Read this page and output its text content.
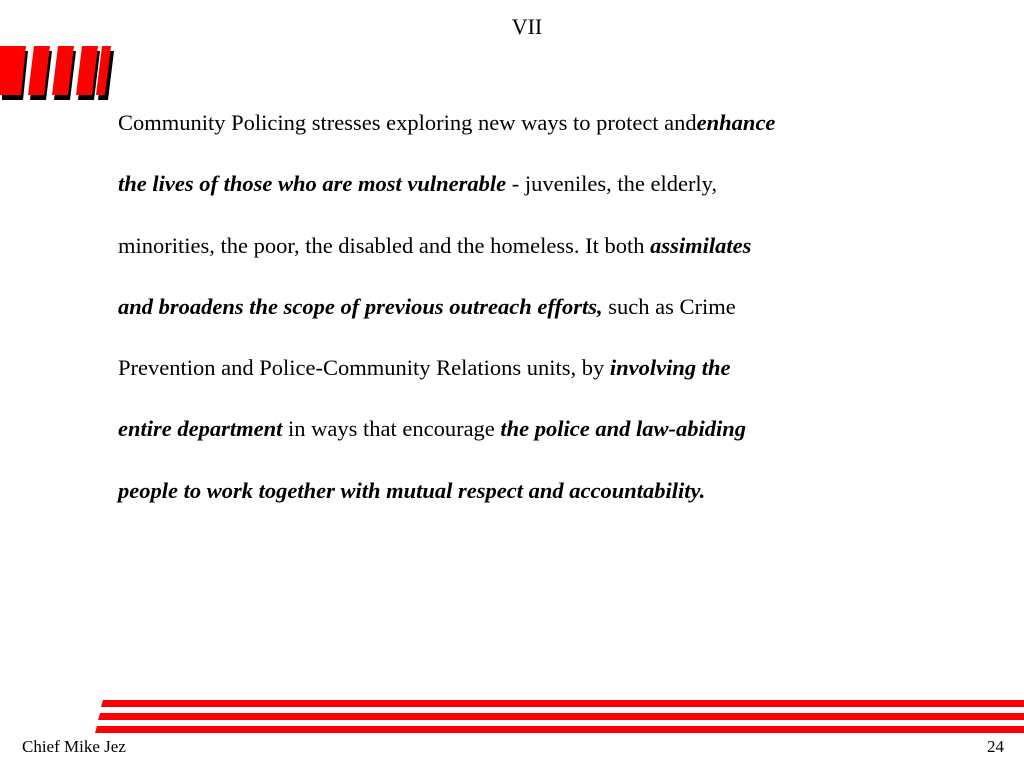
VII
Community Policing stresses exploring new ways to protect andenhance
the lives of those who are most vulnerable - juveniles, the elderly,
minorities, the poor, the disabled and the homeless. It both assimilates
and broadens the scope of previous outreach efforts, such as Crime
Prevention and Police-Community Relations units, by involving the
entire department in ways that encourage the police and law-abiding
people to work together with mutual respect and accountability.
Chief Mike Jez	24
